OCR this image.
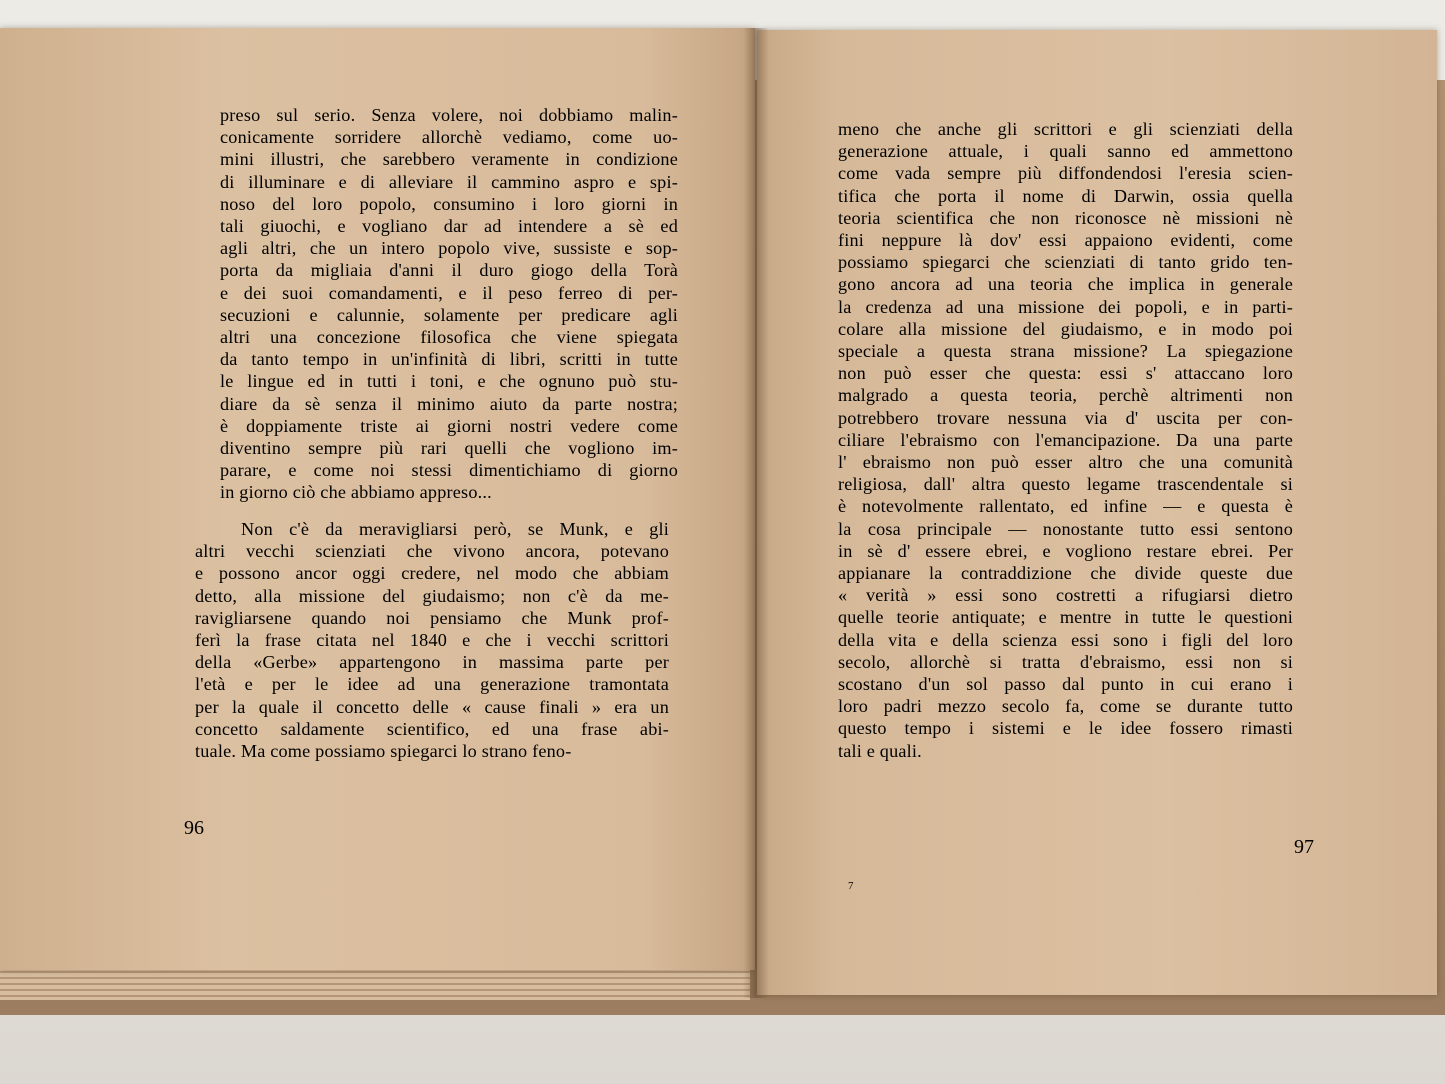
preso sul serio. Senza volere, noi dobbiamo malin-
conicamente sorridere allorchè vediamo, come uo-
mini illustri, che sarebbero veramente in condizione
di illuminare e di alleviare il cammino aspro e spi-
noso del loro popolo, consumino i loro giorni in
tali giuochi, e vogliano dar ad intendere a sè ed
agli altri, che un intero popolo vive, sussiste e sop-
porta da migliaia d'anni il duro giogo della Torà
e dei suoi comandamenti, e il peso ferreo di per-
secuzioni e calunnie, solamente per predicare agli
altri una concezione filosofica che viene spiegata
da tanto tempo in un'infinità di libri, scritti in tutte
le lingue ed in tutti i toni, e che ognuno può stu-
diare da sè senza il minimo aiuto da parte nostra;
è doppiamente triste ai giorni nostri vedere come
diventino sempre più rari quelli che vogliono im-
parare, e come noi stessi dimentichiamo di giorno
in giorno ciò che abbiamo appreso...
Non c'è da meravigliarsi però, se Munk, e gli
altri vecchi scienziati che vivono ancora, potevano
e possono ancor oggi credere, nel modo che abbiam
detto, alla missione del giudaismo; non c'è da me-
ravigliarsene quando noi pensiamo che Munk prof-
ferì la frase citata nel 1840 e che i vecchi scrittori
della «Gerbe» appartengono in massima parte per
l'età e per le idee ad una generazione tramontata
per la quale il concetto delle « cause finali » era un
concetto saldamente scientifico, ed una frase abi-
tuale. Ma come possiamo spiegarci lo strano feno-
96
meno che anche gli scrittori e gli scienziati della
generazione attuale, i quali sanno ed ammettono
come vada sempre più diffondendosi l'eresia scien-
tifica che porta il nome di Darwin, ossia quella
teoria scientifica che non riconosce nè missioni nè
fini neppure là dov' essi appaiono evidenti, come
possiamo spiegarci che scienziati di tanto grido ten-
gono ancora ad una teoria che implica in generale
la credenza ad una missione dei popoli, e in parti-
colare alla missione del giudaismo, e in modo poi
speciale a questa strana missione? La spiegazione
non può esser che questa: essi s' attaccano loro
malgrado a questa teoria, perchè altrimenti non
potrebbero trovare nessuna via d' uscita per con-
ciliare l'ebraismo con l'emancipazione. Da una parte
l' ebraismo non può esser altro che una comunità
religiosa, dall' altra questo legame trascendentale si
è notevolmente rallentato, ed infine — e questa è
la cosa principale — nonostante tutto essi sentono
in sè d' essere ebrei, e vogliono restare ebrei. Per
appianare la contraddizione che divide queste due
« verità » essi sono costretti a rifugiarsi dietro
quelle teorie antiquate; e mentre in tutte le questioni
della vita e della scienza essi sono i figli del loro
secolo, allorchè si tratta d'ebraismo, essi non si
scostano d'un sol passo dal punto in cui erano i
loro padri mezzo secolo fa, come se durante tutto
questo tempo i sistemi e le idee fossero rimasti
tali e quali.
97
7
